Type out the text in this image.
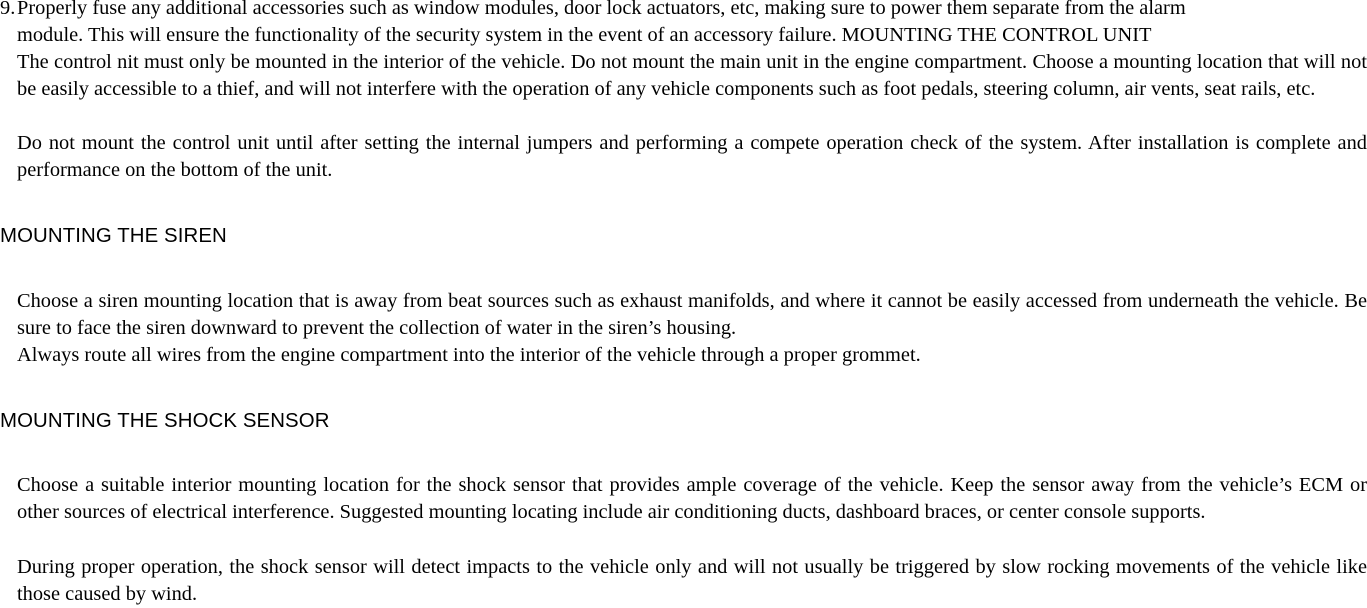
9.Properly fuse any additional accessories such as window modules, door lock actuators, etc, making sure to power them separate from the alarm
module. This will ensure the functionality of the security system in the event of an accessory failure. MOUNTING THE CONTROL UNIT

The control nit must only be mounted in the interior of the vehicle. Do not mount the main unit in the engine compartment. Choose a mounting location that will not be easily accessible to a thief, and will not interfere with the operation of any vehicle components such as foot pedals, steering column, air vents, seat rails, etc.

Do not mount the control unit until after setting the internal jumpers and performing a compete operation check of the system. After installation is complete and performance on the bottom of the unit.

MOUNTING THE SIREN

Choose a siren mounting location that is away from beat sources such as exhaust manifolds, and where it cannot be easily accessed from underneath the vehicle. Be sure to face the siren downward to prevent the collection of water in the siren’s housing.

Always route all wires from the engine compartment into the interior of the vehicle through a proper grommet.

MOUNTING THE SHOCK SENSOR

Choose a suitable interior mounting location for the shock sensor that provides ample coverage of the vehicle. Keep the sensor away from the vehicle’s ECM or other sources of electrical interference. Suggested mounting locating include air conditioning ducts, dashboard braces, or center console supports.

During proper operation, the shock sensor will detect impacts to the vehicle only and will not usually be triggered by slow rocking movements of the vehicle like those caused by wind.
